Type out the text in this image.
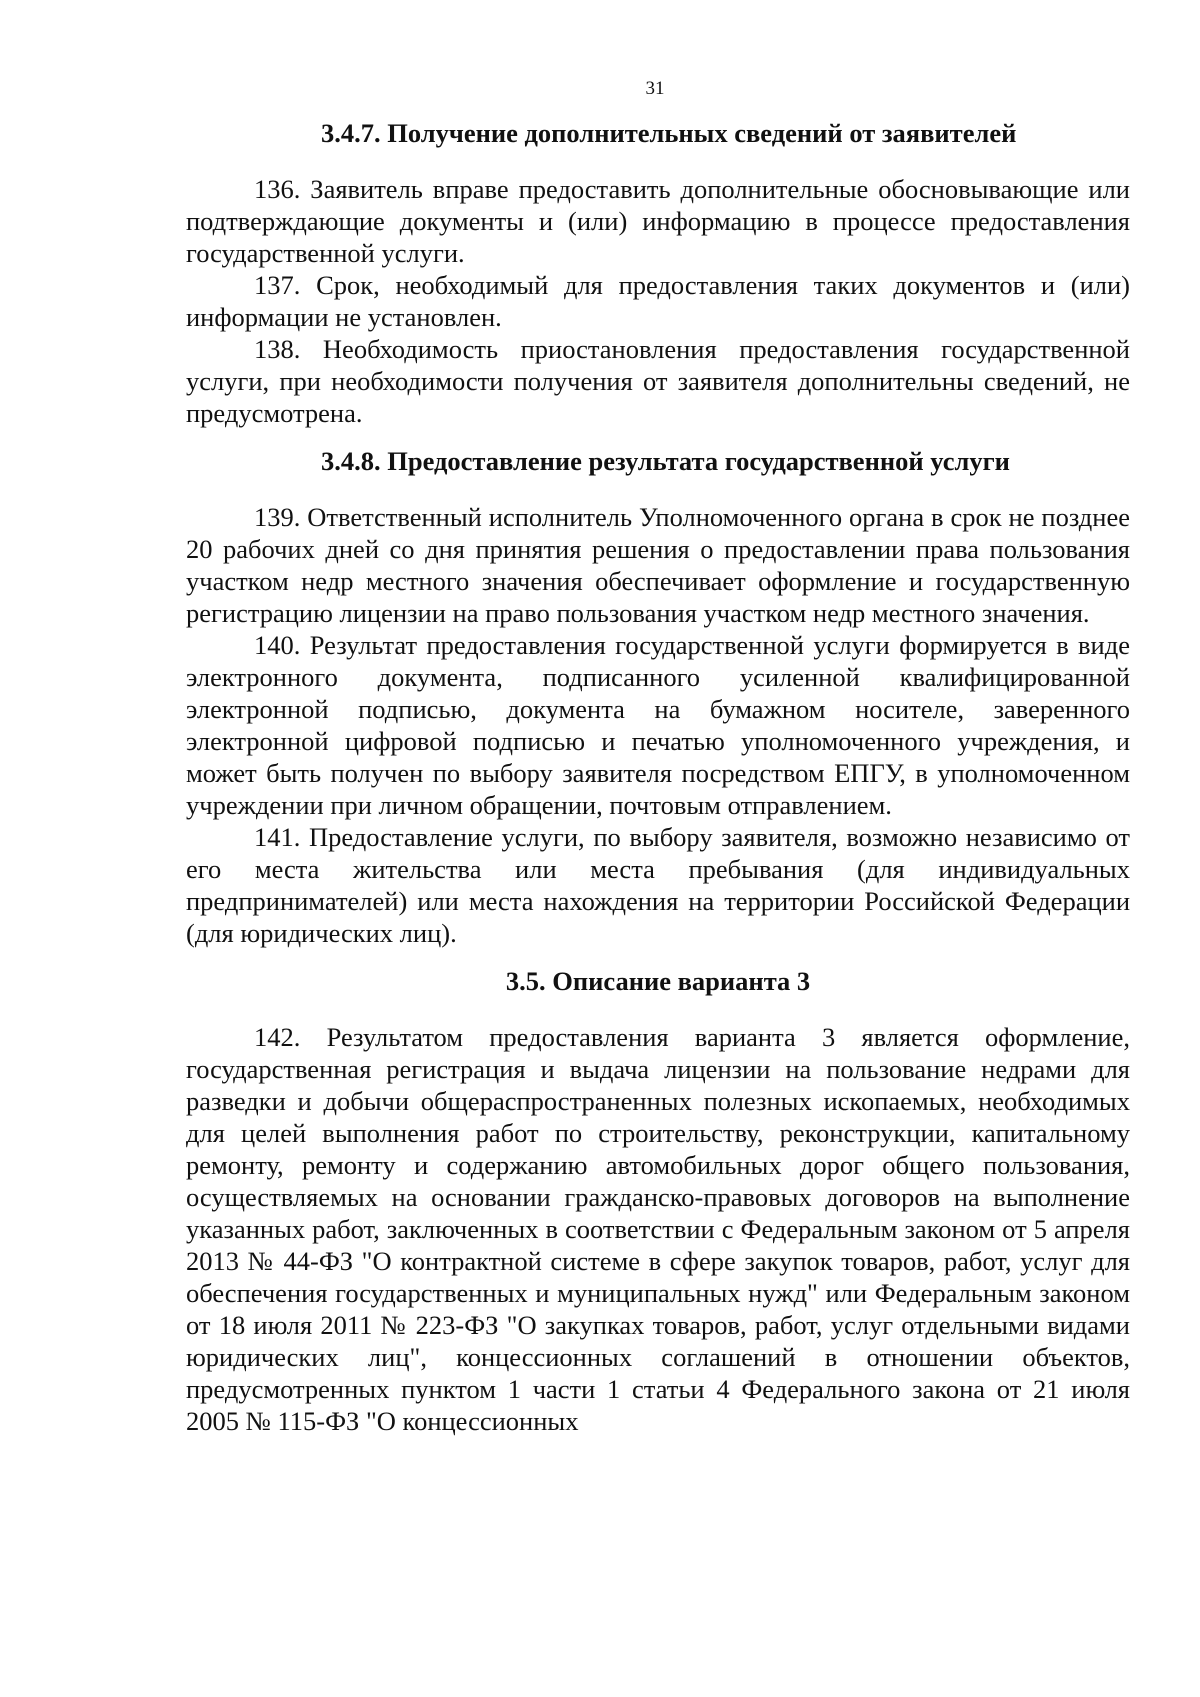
31
3.4.7. Получение дополнительных сведений от заявителей

136. Заявитель вправе предоставить дополнительные обосновывающие или подтверждающие документы и (или) информацию в процессе предоставления государственной услуги.

137. Срок, необходимый для предоставления таких документов и (или) информации не установлен.

138. Необходимость приостановления предоставления государственной услуги, при необходимости получения от заявителя дополнительны сведений, не предусмотрена.

3.4.8. Предоставление результата государственной услуги

139. Ответственный исполнитель Уполномоченного органа в срок не позднее 20 рабочих дней со дня принятия решения о предоставлении права пользования участком недр местного значения обеспечивает оформление и государственную регистрацию лицензии на право пользования участком недр местного значения.

140. Результат предоставления государственной услуги формируется в виде электронного документа, подписанного усиленной квалифицированной электронной подписью, документа на бумажном носителе, заверенного электронной цифровой подписью и печатью уполномоченного учреждения, и может быть получен по выбору заявителя посредством ЕПГУ, в уполномоченном учреждении при личном обращении, почтовым отправлением.

141. Предоставление услуги, по выбору заявителя, возможно независимо от его места жительства или места пребывания (для индивидуальных предпринимателей) или места нахождения на территории Российской Федерации (для юридических лиц).

3.5. Описание варианта 3

142. Результатом предоставления варианта 3 является оформление, государственная регистрация и выдача лицензии на пользование недрами для разведки и добычи общераспространенных полезных ископаемых, необходимых для целей выполнения работ по строительству, реконструкции, капитальному ремонту, ремонту и содержанию автомобильных дорог общего пользования, осуществляемых на основании гражданско-правовых договоров на выполнение указанных работ, заключенных в соответствии с Федеральным законом от 5 апреля 2013 № 44-ФЗ "О контрактной системе в сфере закупок товаров, работ, услуг для обеспечения государственных и муниципальных нужд" или Федеральным законом от 18 июля 2011 № 223-ФЗ "О закупках товаров, работ, услуг отдельными видами юридических лиц", концессионных соглашений в отношении объектов, предусмотренных пунктом 1 части 1 статьи 4 Федерального закона от 21 июля 2005 № 115-ФЗ "О концессионных
